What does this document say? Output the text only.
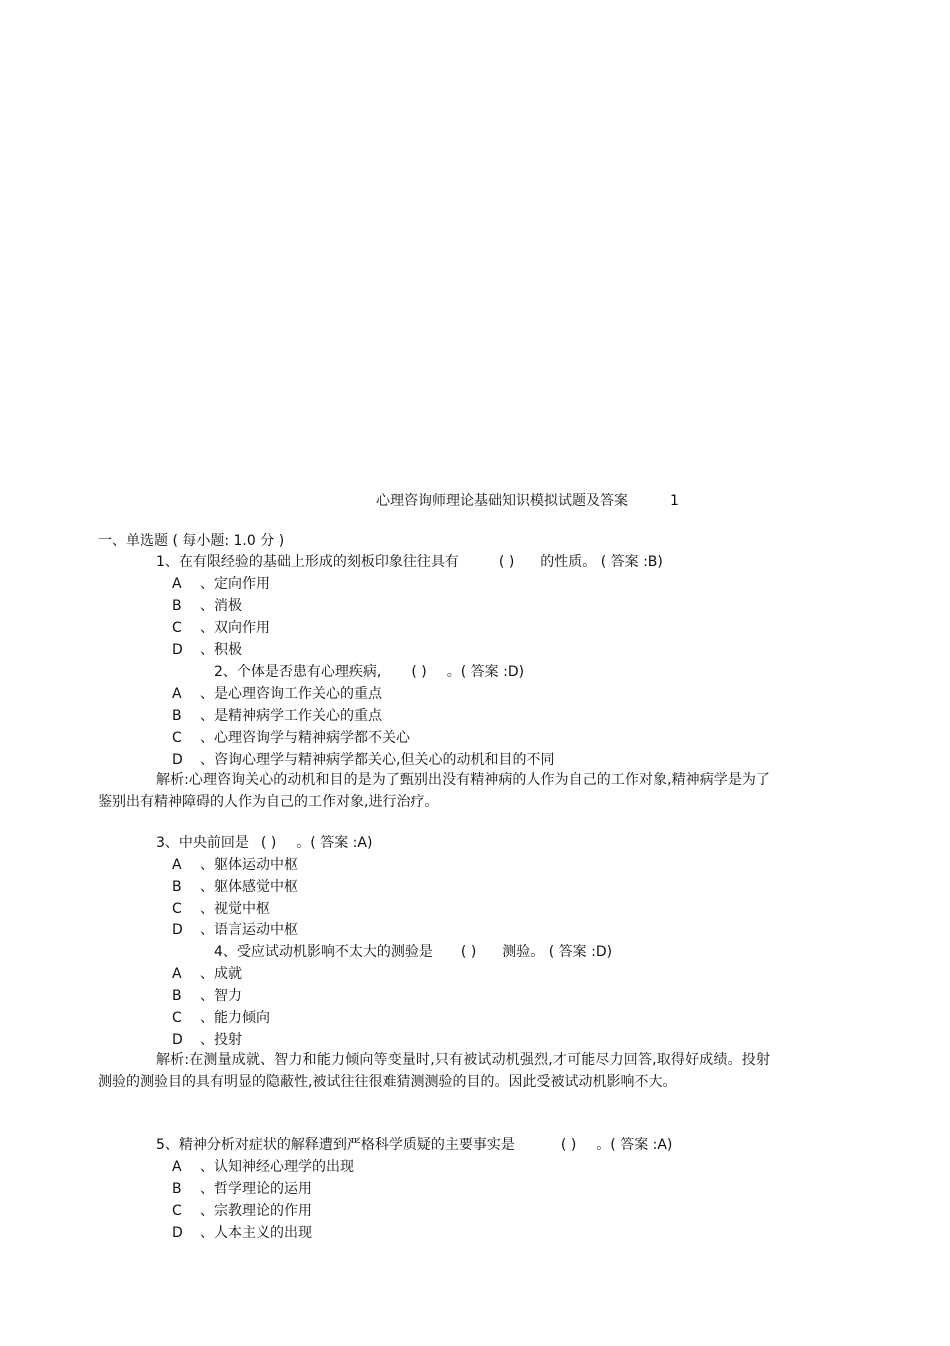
心理咨询师理论基础知识模拟试题及答案	1
一、单选题 ( 每小题: 1.0 分 )
1、在有限经验的基础上形成的刻板印象往往具有	( ) 的性质。 ( 答案 :B)
A 、定向作用
B 、消极
C 、双向作用
D 、积极
2、个体是否患有心理疾病, ( ) 。( 答案 :D)
A 、是心理咨询工作关心的重点
B 、是精神病学工作关心的重点
C 、心理咨询学与精神病学都不关心
D 、咨询心理学与精神病学都关心,但关心的动机和目的不同
解析:心理咨询关心的动机和目的是为了甄别出没有精神病的人作为自己的工作对象,精神病学是为了鉴别出有精神障碍的人作为自己的工作对象,进行治疗。
3、中央前回是 ( ) 。( 答案 :A)
A 、躯体运动中枢
B 、躯体感觉中枢
C 、视觉中枢
D 、语言运动中枢
4、受应试动机影响不太大的测验是 ( ) 测验。 ( 答案 :D)
A 、成就
B 、智力
C 、能力倾向
D 、投射
解析:在测量成就、智力和能力倾向等变量时,只有被试动机强烈,才可能尽力回答,取得好成绩。投射测验的测验目的具有明显的隐蔽性,被试往往很难猜测测验的目的。因此受被试动机影响不大。
5、精神分析对症状的解释遭到严格科学质疑的主要事实是	( ) 。( 答案 :A)
A 、认知神经心理学的出现
B 、哲学理论的运用
C 、宗教理论的作用
D 、人本主义的出现
